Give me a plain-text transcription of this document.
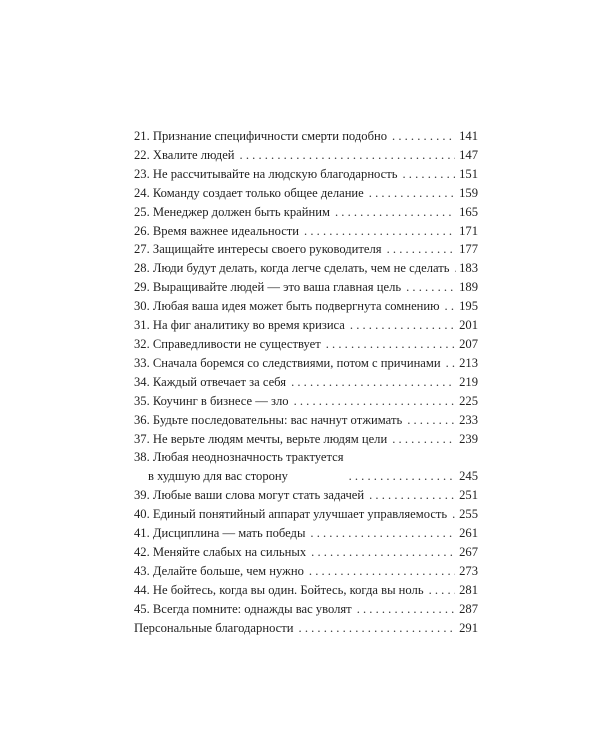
21. Признание специфичности смерти подобно . . .	141
22. Хвалите людей . . .	147
23. Не рассчитывайте на людскую благодарность . . .	151
24. Команду создает только общее делание . . .	159
25. Менеджер должен быть крайним . . .	165
26. Время важнее идеальности . . .	171
27. Защищайте интересы своего руководителя . . .	177
28. Люди будут делать, когда легче сделать, чем не сделать . . . 183
29. Выращивайте людей — это ваша главная цель . . .	189
30. Любая ваша идея может быть подвергнута сомнению . . . 195
31. На фиг аналитику во время кризиса . . .	201
32. Справедливости не существует . . .	207
33. Сначала боремся со следствиями, потом с причинами . . . 213
34. Каждый отвечает за себя . . .	219
35. Коучинг в бизнесе — зло . . .	225
36. Будьте последовательны: вас начнут отжимать . . .	233
37. Не верьте людям мечты, верьте людям цели . . .	239
38. Любая неоднозначность трактуется
в худшую для вас сторону . . .	245
39. Любые ваши слова могут стать задачей . . .	251
40. Единый понятийный аппарат улучшает управляемость . . . 255
41. Дисциплина — мать победы . . .	261
42. Меняйте слабых на сильных . . .	267
43. Делайте больше, чем нужно . . .	273
44. Не бойтесь, когда вы один. Бойтесь, когда вы ноль . . .	281
45. Всегда помните: однажды вас уволят . . .	287
Персональные благодарности . . .	291
